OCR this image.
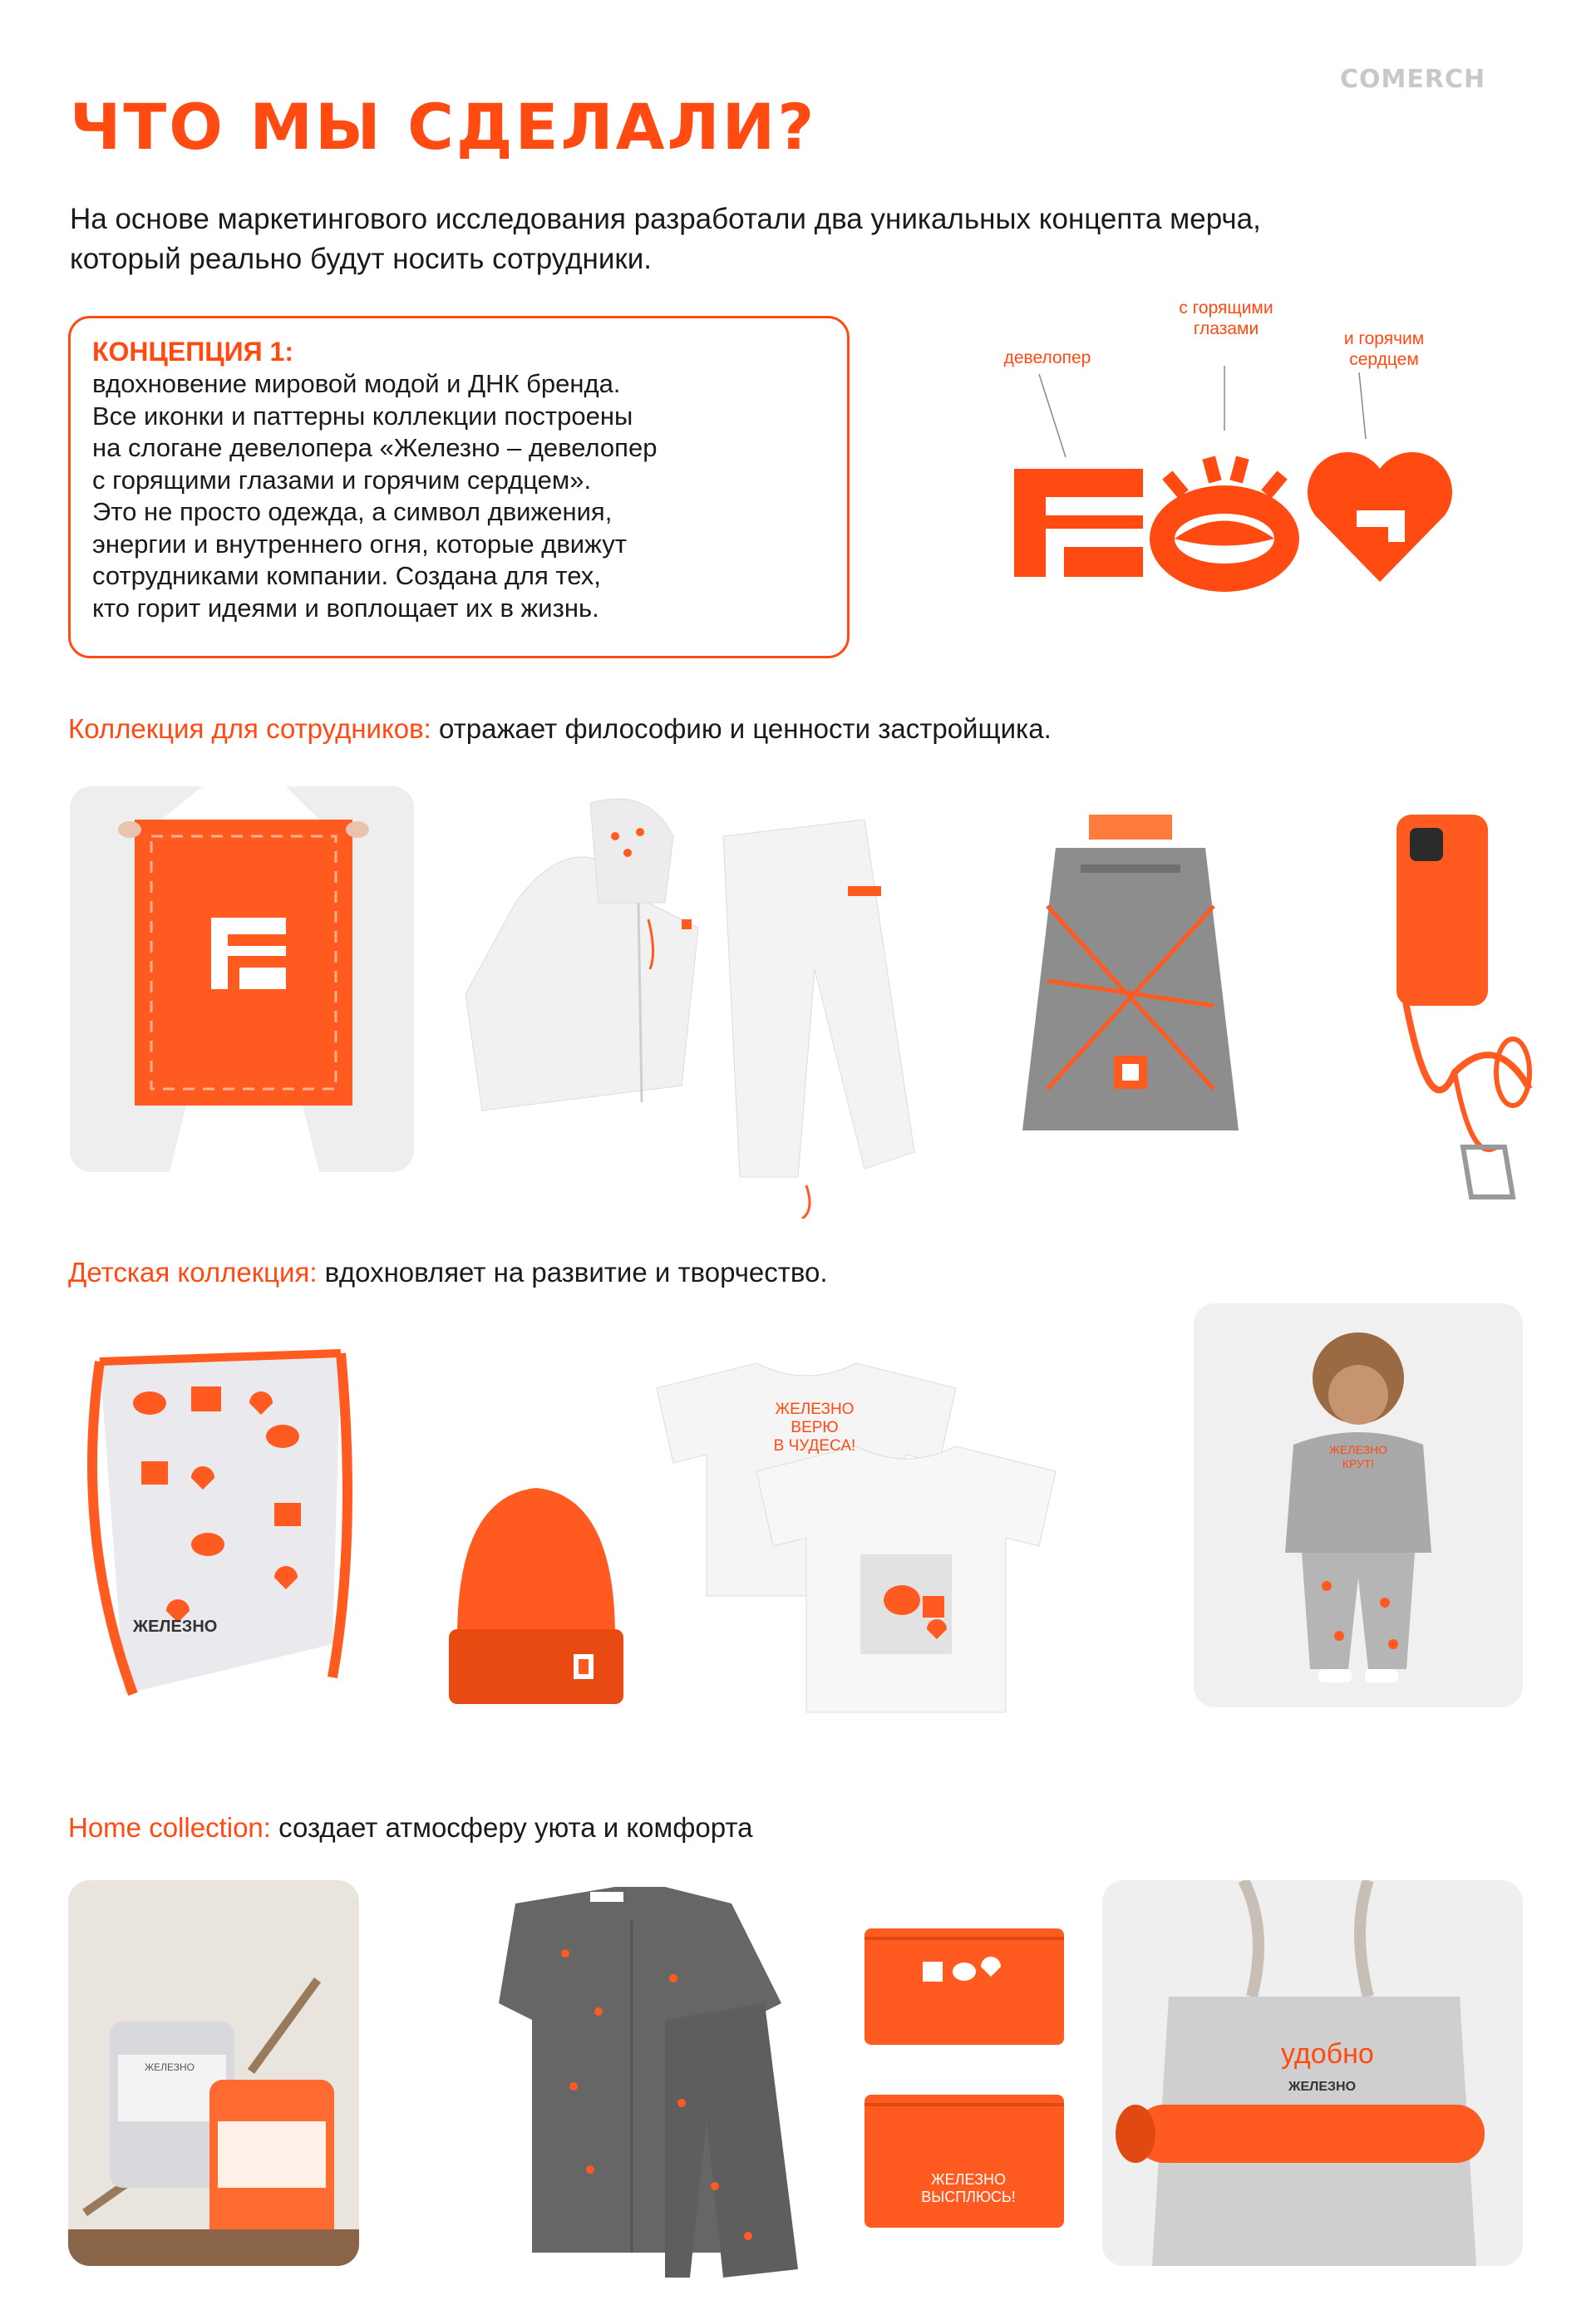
COMERCH
ЧТО МЫ СДЕЛАЛИ?
На основе маркетингового исследования разработали два уникальных концепта мерча,
который реально будут носить сотрудники.
КОНЦЕПЦИЯ 1:
вдохновение мировой модой и ДНК бренда.
Все иконки и паттерны коллекции построены
на слогане девелопера «Железно – девелопер
с горящими глазами и горячим сердцем».
Это не просто одежда, а символ движения,
энергии и внутреннего огня, которые движут
сотрудниками компании. Создана для тех,
кто горит идеями и воплощает их в жизнь.
девелопер
с горящими
глазами
и горячим
сердцем
Коллекция для сотрудников: отражает философию и ценности застройщика.
Детская коллекция: вдохновляет на развитие и творчество.
ЖЕЛЕЗНО
ЖЕЛЕЗНО
ВЕРЮ
В ЧУДЕСА!	ЖЕЛЕЗНО
КРУТ!
Home collection: создает атмосферу уюта и комфорта
ЖЕЛЕЗНО
ЖЕЛЕЗНО
ВЫСПЛЮСЬ!
удобно
ЖЕЛЕЗНО
